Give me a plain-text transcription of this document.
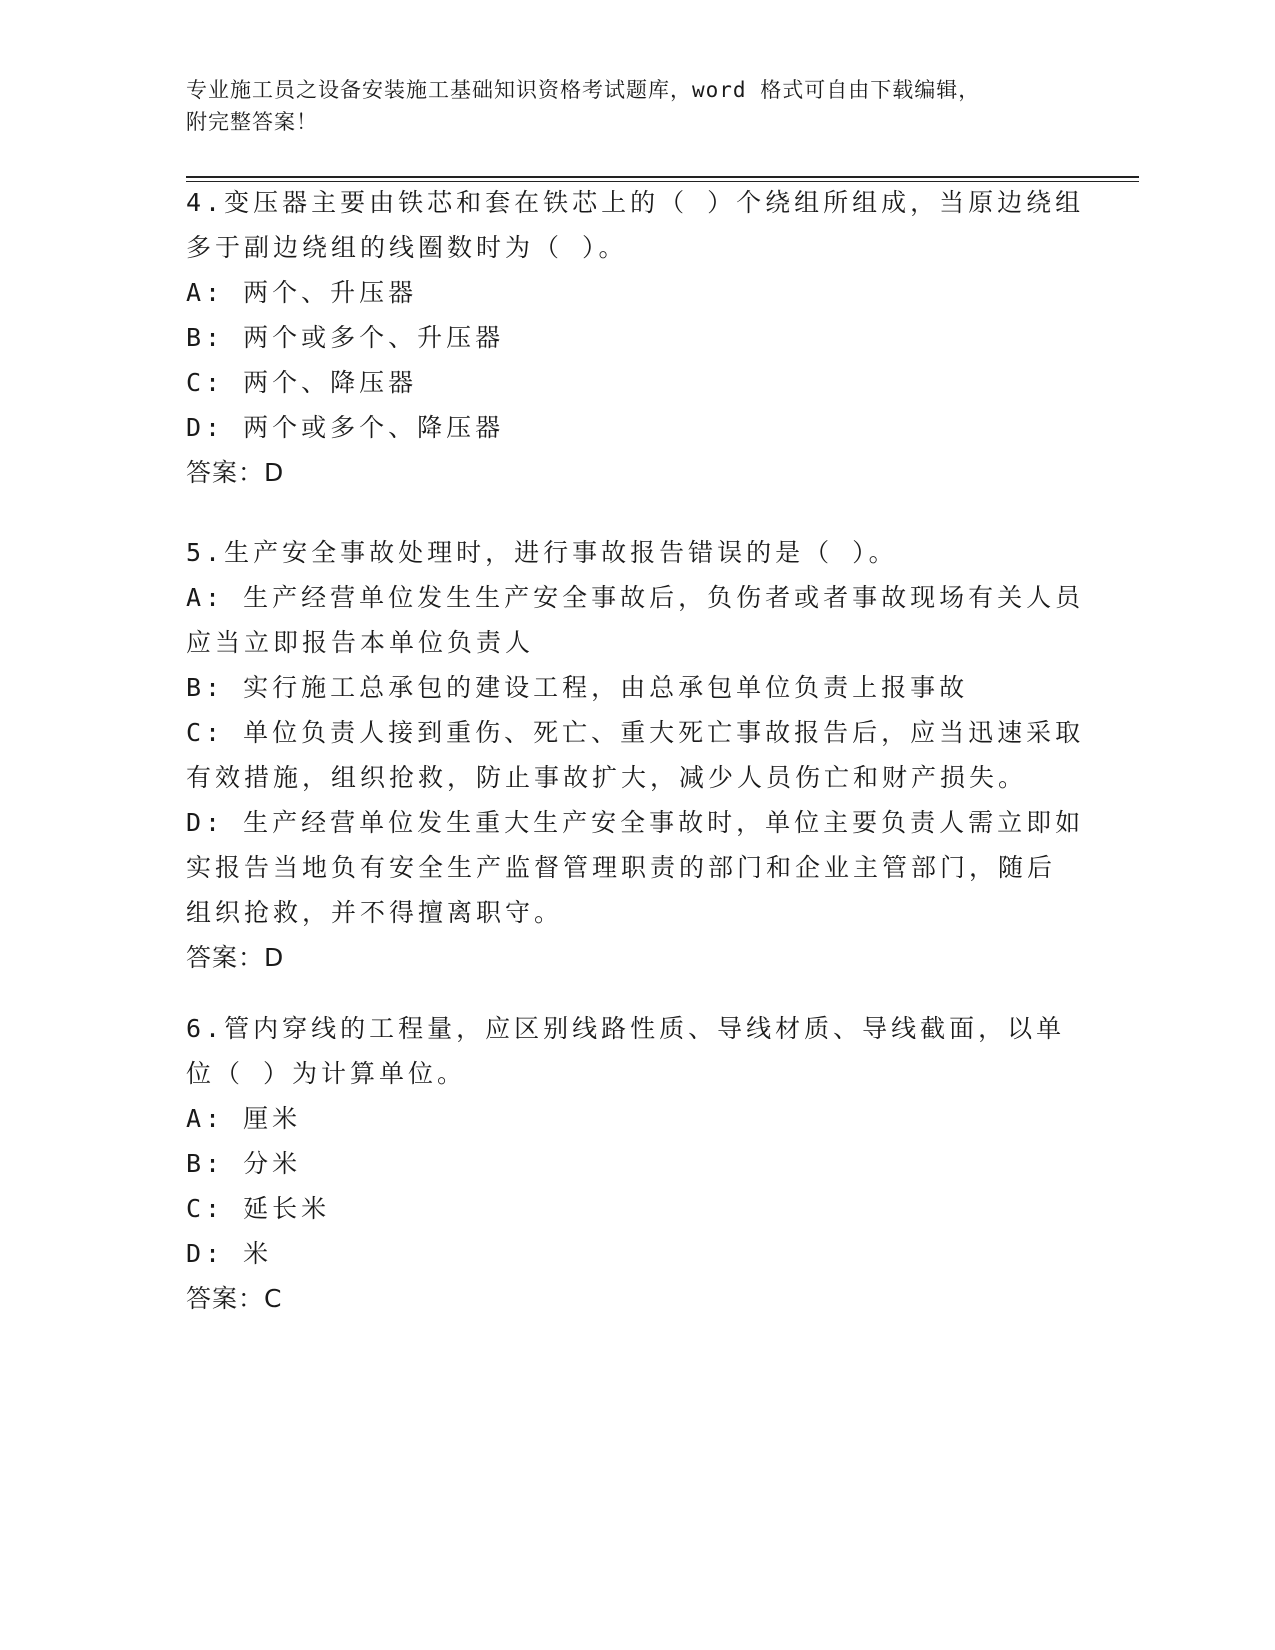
专业施工员之设备安装施工基础知识资格考试题库，word 格式可自由下载编辑，
附完整答案！
4.变压器主要由铁芯和套在铁芯上的（ ）个绕组所组成，当原边绕组
多于副边绕组的线圈数时为（ ）。
A: 两个、升压器
B: 两个或多个、升压器
C: 两个、降压器
D: 两个或多个、降压器
答案：D
5.生产安全事故处理时，进行事故报告错误的是（ ）。
A: 生产经营单位发生生产安全事故后，负伤者或者事故现场有关人员
应当立即报告本单位负责人
B: 实行施工总承包的建设工程，由总承包单位负责上报事故
C: 单位负责人接到重伤、死亡、重大死亡事故报告后，应当迅速采取
有效措施，组织抢救，防止事故扩大，减少人员伤亡和财产损失。
D: 生产经营单位发生重大生产安全事故时，单位主要负责人需立即如
实报告当地负有安全生产监督管理职责的部门和企业主管部门，随后
组织抢救，并不得擅离职守。
答案：D
6.管内穿线的工程量，应区别线路性质、导线材质、导线截面，以单
位（ ）为计算单位。
A: 厘米
B: 分米
C: 延长米
D: 米
答案：C
